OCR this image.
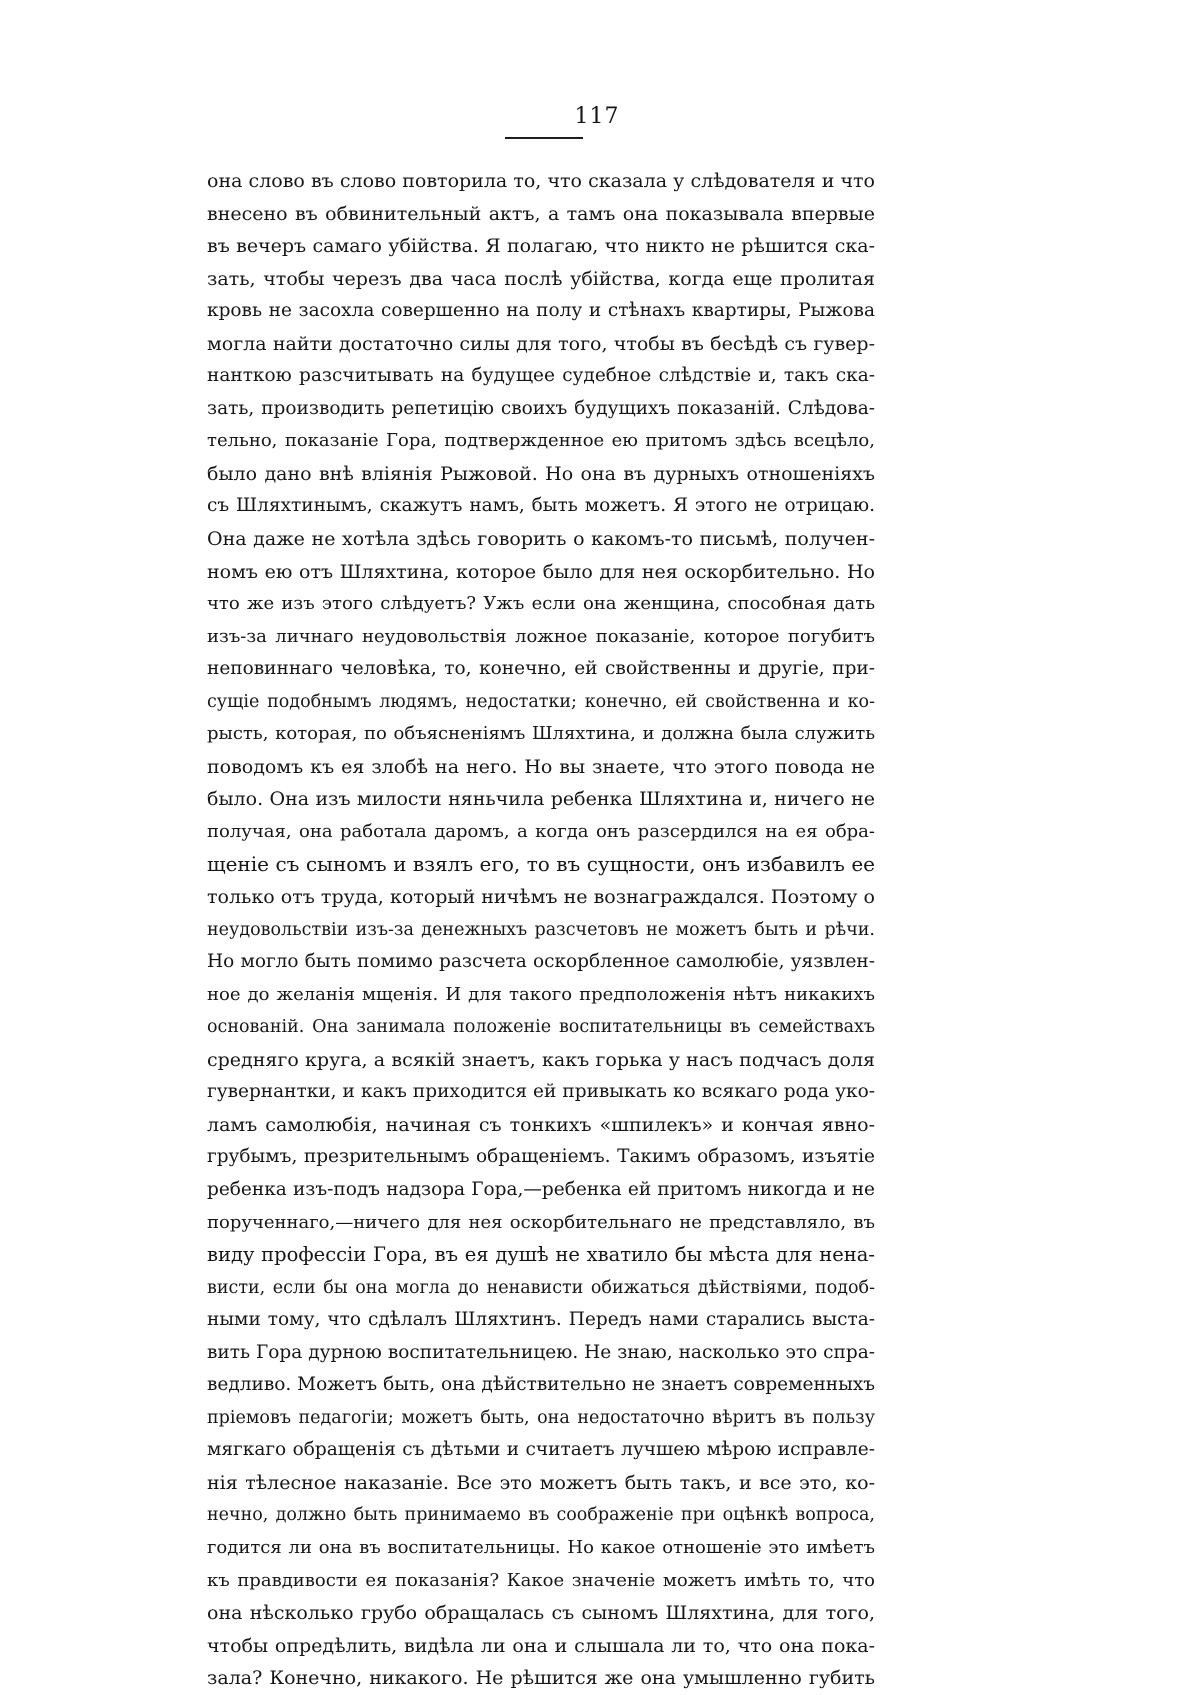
117
она слово въ слово повторила то, что сказала у слѣдователя и что
внесено въ обвинительный актъ, а тамъ она показывала впервые
въ вечеръ самаго убійства. Я полагаю, что никто не рѣшится ска-
зать, чтобы черезъ два часа послѣ убійства, когда еще пролитая
кровь не засохла совершенно на полу и стѣнахъ квартиры, Рыжова
могла найти достаточно силы для того, чтобы въ бесѣдѣ съ гувер-
нанткою разсчитывать на будущее судебное слѣдствіе и, такъ ска-
зать, производить репетицію своихъ будущихъ показаній. Слѣдова-
тельно, показаніе Гора, подтвержденное ею притомъ здѣсь всецѣло,
было дано внѣ вліянія Рыжовой. Но она въ дурныхъ отношеніяхъ
съ Шляхтинымъ, скажутъ намъ, быть можетъ. Я этого не отрицаю.
Она даже не хотѣла здѣсь говорить о какомъ-то письмѣ, получен-
номъ ею отъ Шляхтина, которое было для нея оскорбительно. Но
что же изъ этого слѣдуетъ? Ужъ если она женщина, способная дать
изъ-за личнаго неудовольствія ложное показаніе, которое погубитъ
неповиннаго человѣка, то, конечно, ей свойственны и другіе, при-
сущіе подобнымъ людямъ, недостатки; конечно, ей свойственна и ко-
рысть, которая, по объясненіямъ Шляхтина, и должна была служить
поводомъ къ ея злобѣ на него. Но вы знаете, что этого повода не
было. Она изъ милости няньчила ребенка Шляхтина и, ничего не
получая, она работала даромъ, а когда онъ разсердился на ея обра-
щеніе съ сыномъ и взялъ его, то въ сущности, онъ избавилъ ее
только отъ труда, который ничѣмъ не вознаграждался. Поэтому о
неудовольствіи изъ-за денежныхъ разсчетовъ не можетъ быть и рѣчи.
Но могло быть помимо разсчета оскорбленное самолюбіе, уязвлен-
ное до желанія мщенія. И для такого предположенія нѣтъ никакихъ
основаній. Она занимала положеніе воспитательницы въ семействахъ
средняго круга, а всякій знаетъ, какъ горька у насъ подчасъ доля
гувернантки, и какъ приходится ей привыкать ко всякаго рода уко-
ламъ самолюбія, начиная съ тонкихъ «шпилекъ» и кончая явно-
грубымъ, презрительнымъ обращеніемъ. Такимъ образомъ, изъятіе
ребенка изъ-подъ надзора Гора,—ребенка ей притомъ никогда и не
порученнаго,—ничего для нея оскорбительнаго не представляло, въ
виду профессіи Гора, въ ея душѣ не хватило бы мѣста для нена-
висти, если бы она могла до ненависти обижаться дѣйствіями, подоб-
ными тому, что сдѣлалъ Шляхтинъ. Передъ нами старались выстa-
вить Гора дурною воспитательницею. Не знаю, насколько это спра-
ведливо. Можетъ быть, она дѣйствительно не знаетъ современныхъ
пріемовъ педагогіи; можетъ быть, она недостаточно вѣритъ въ пользу
мягкаго обращенія съ дѣтьми и считаетъ лучшею мѣрою исправле-
нія тѣлесное наказаніе. Все это можетъ быть такъ, и все это, ко-
нечно, должно быть принимаемо въ соображеніе при оцѣнкѣ вопроса,
годится ли она въ воспитательницы. Но какое отношеніе это имѣетъ
къ правдивости ея показанія? Какое значеніе можетъ имѣть то, что
она нѣсколько грубо обращалась съ сыномъ Шляхтина, для того,
чтобы опредѣлить, видѣла ли она и слышала ли то, что она пока-
зала? Конечно, никакого. Не рѣшится же она умышленно губить
